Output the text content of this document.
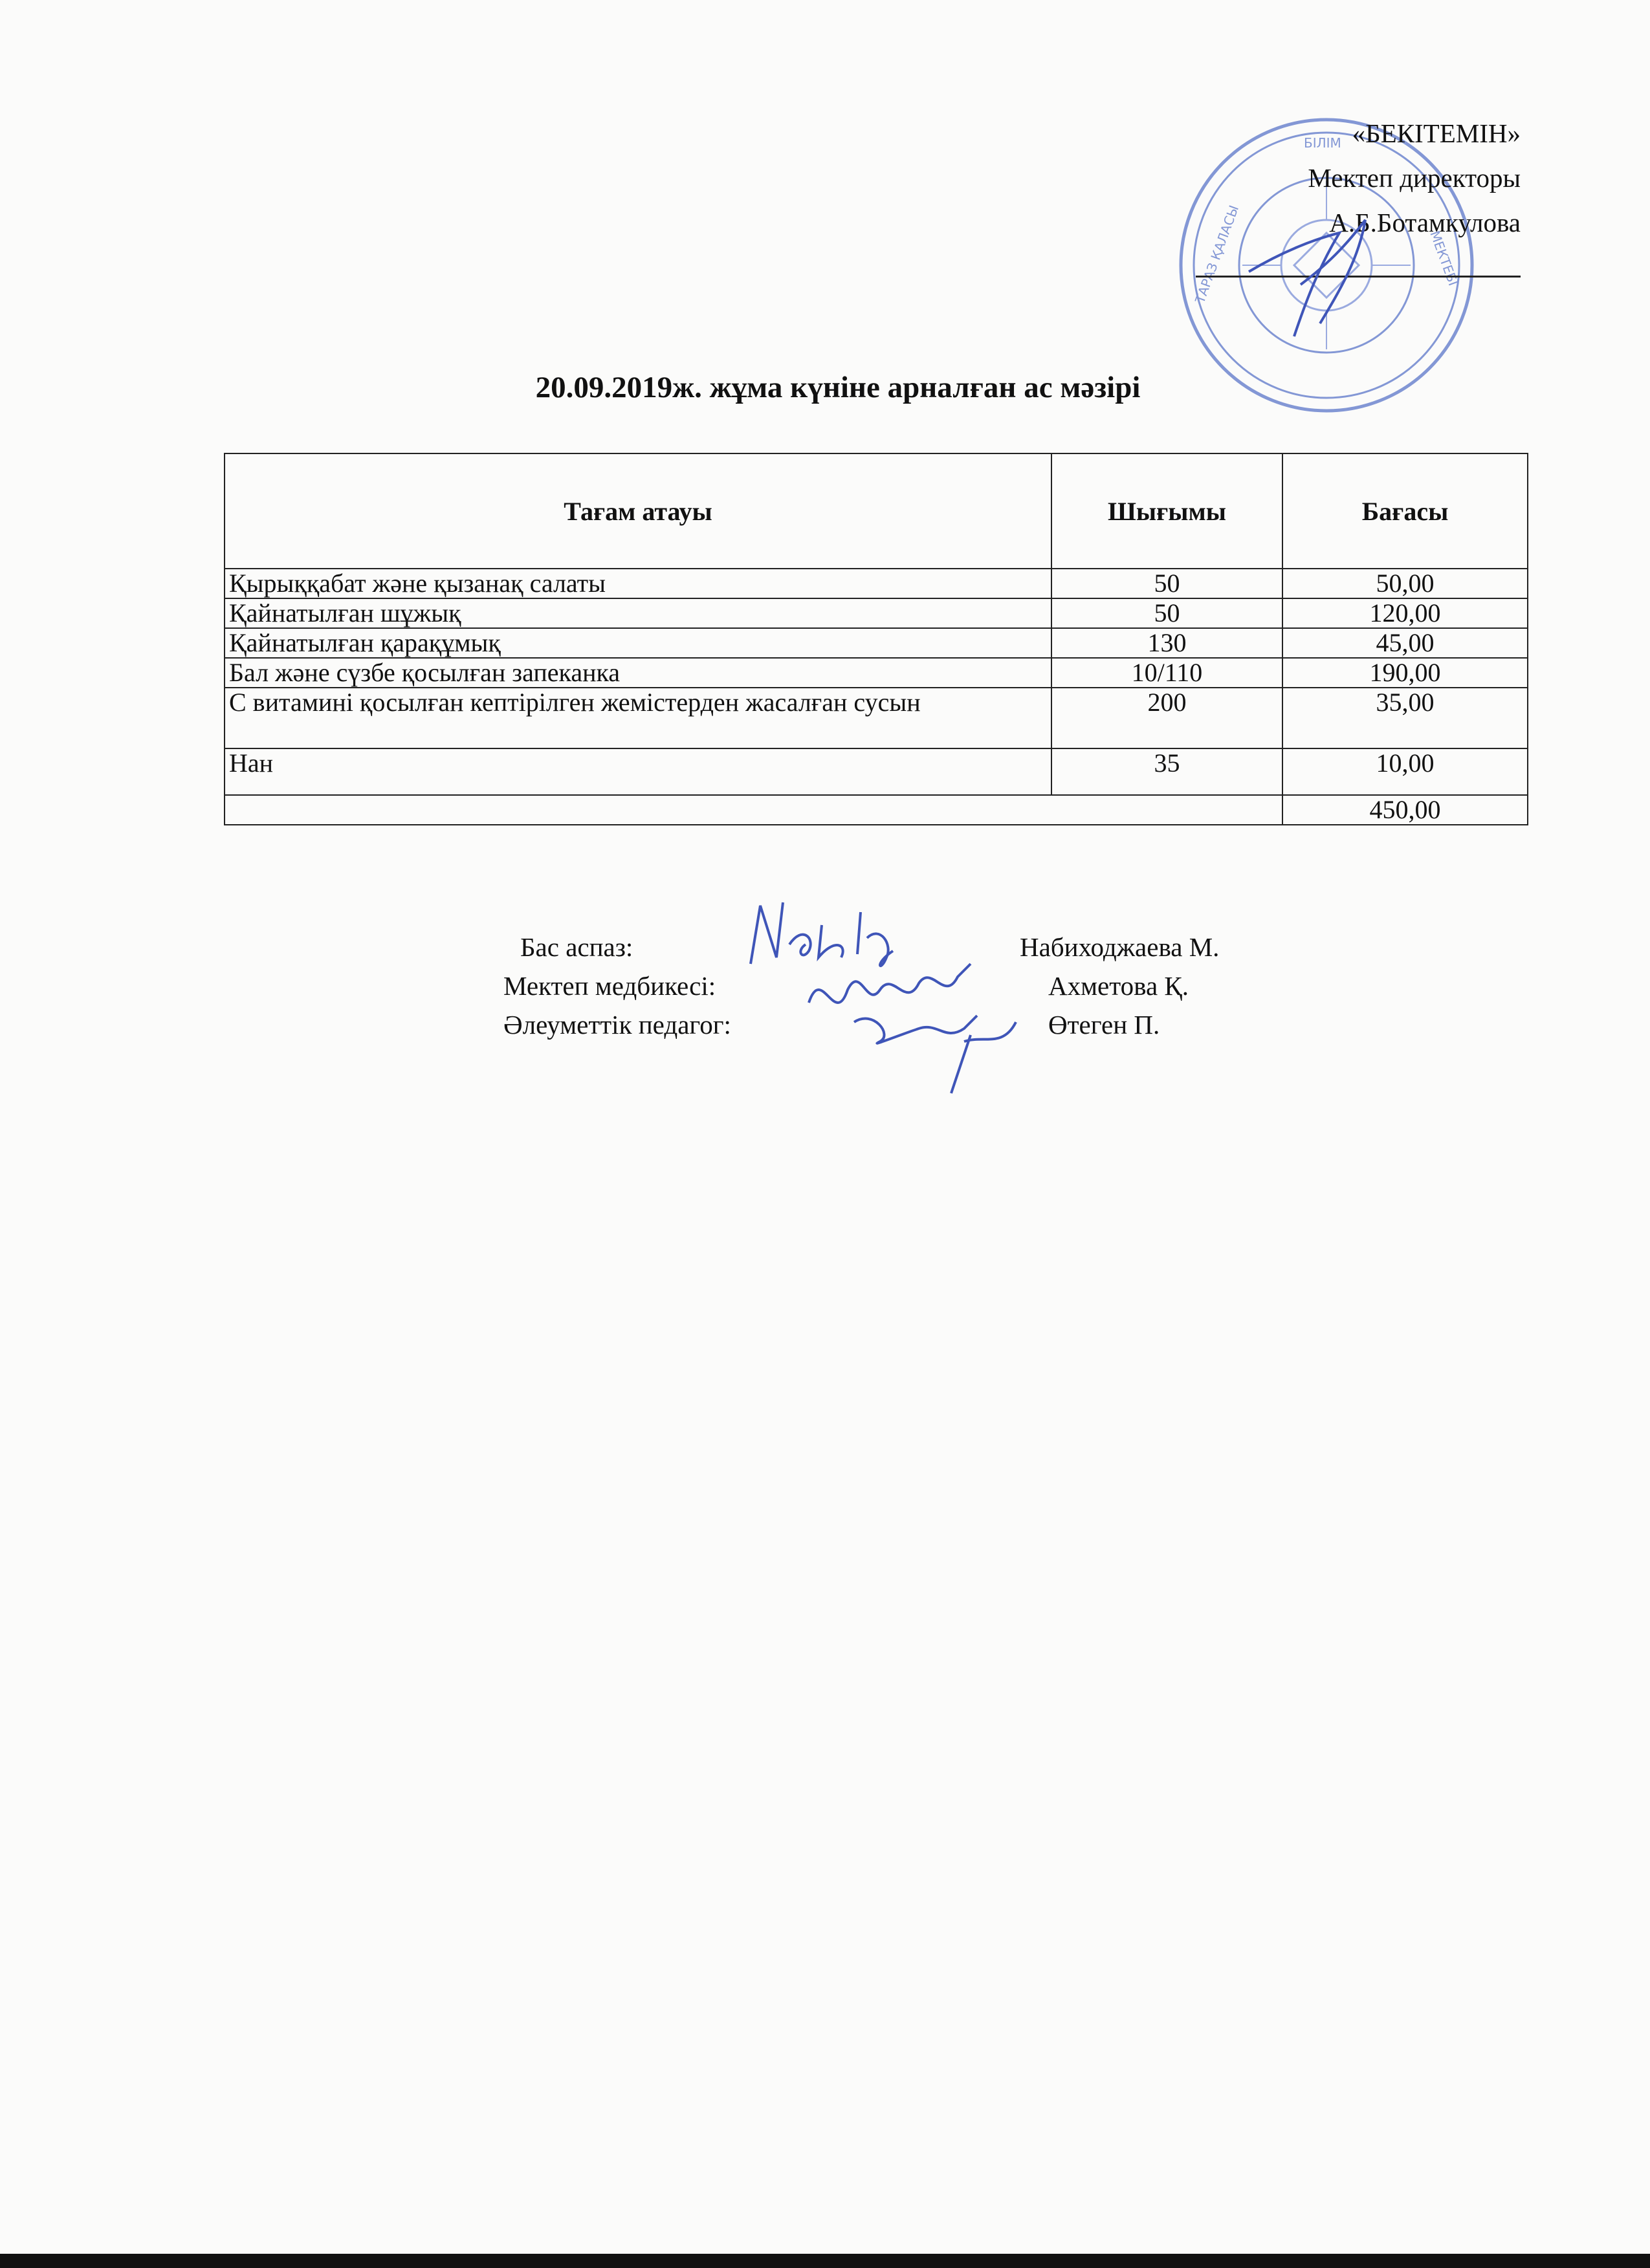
БІЛІМ
ТАРАЗ ҚАЛАСЫ	МЕКТЕБІ
«БЕКІТЕМІН»
Мектеп директоры
А.Б.Ботамкулова
20.09.2019ж. жұма күніне арналған ас мәзірі
Тағам атауы	Шығымы	Бағасы
Қырыққабат және қызанақ салаты	50	50,00
Қайнатылған шұжық	50	120,00
Қайнатылған қарақұмық	130	45,00
Бал және сүзбе қосылған запеканка	10/110	190,00
С витамині қосылған кептірілген жемістерден жасалған сусын	200	35,00
Нан	35	10,00
		450,00
Бас аспаз:	Набиходжаева М.
Мектеп медбикесі:	Ахметова Қ.
Әлеуметтік педагог:	Өтеген П.
